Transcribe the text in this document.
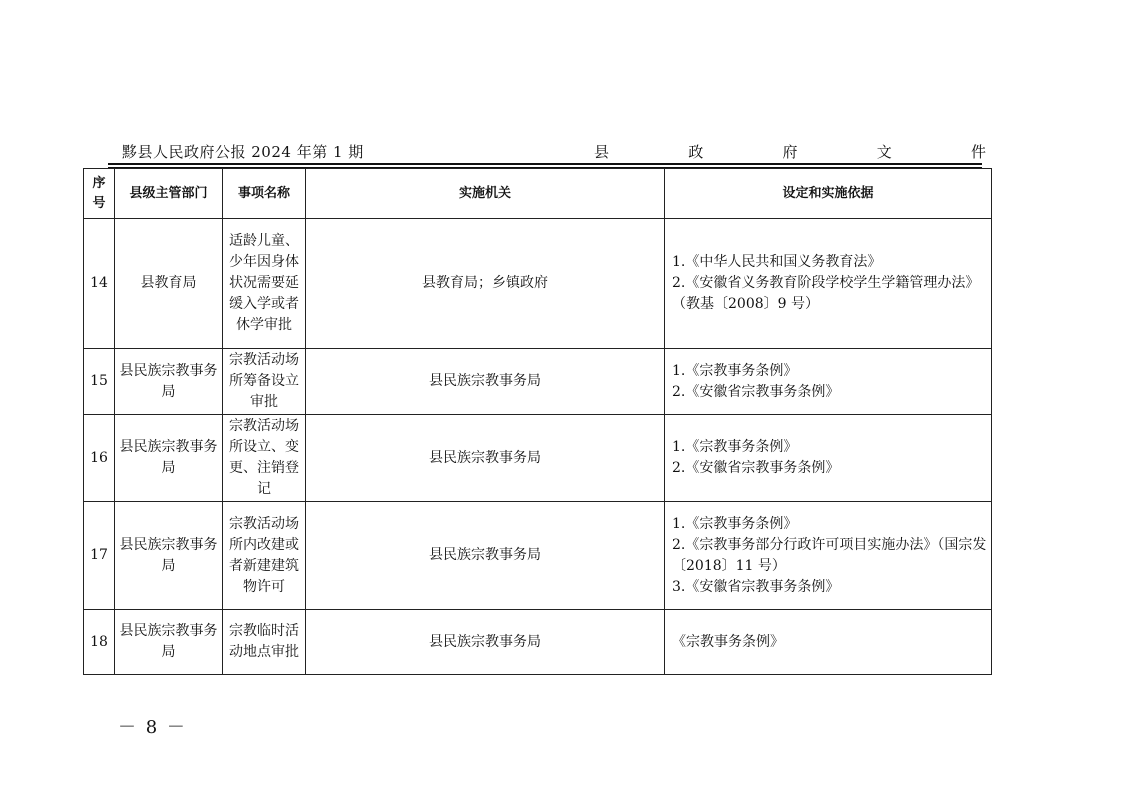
黟县人民政府公报 2024 年第 1 期	县	政	府	文	件
序
号	县级主管部门	事项名称	实施机关	设定和实施依据
14	县教育局	适龄儿童、少年因身体状况需要延缓入学或者休学审批	县教育局；乡镇政府	1.《中华人民共和国义务教育法》
2.《安徽省义务教育阶段学校学生学籍管理办法》（教基〔2008〕9 号）

15	县民族宗教事务局	宗教活动场所筹备设立审批	县民族宗教事务局	1.《宗教事务条例》
2.《安徽省宗教事务条例》

16	县民族宗教事务局	宗教活动场所设立、变更、注销登记	县民族宗教事务局	1.《宗教事务条例》
2.《安徽省宗教事务条例》

17	县民族宗教事务局	宗教活动场所内改建或者新建建筑物许可	县民族宗教事务局	1.《宗教事务条例》
2.《宗教事务部分行政许可项目实施办法》（国宗发〔2018〕11 号）
3.《安徽省宗教事务条例》

18	县民族宗教事务局	宗教临时活动地点审批	县民族宗教事务局	《宗教事务条例》
－ 8 －
